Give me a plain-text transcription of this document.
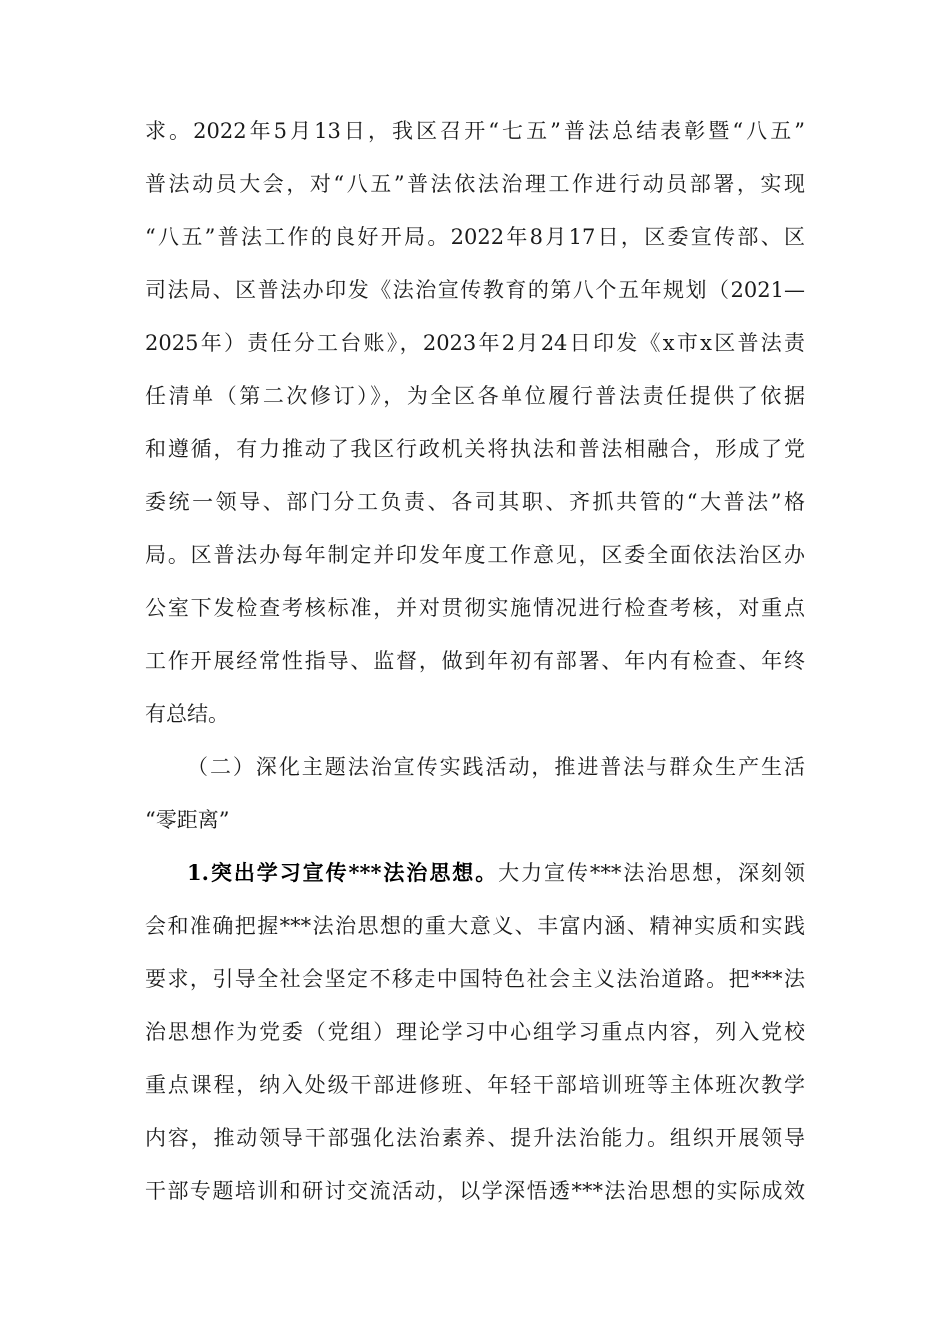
求。2022年5月13日，我区召开“七五”普法总结表彰暨“八五”
普法动员大会，对“八五”普法依法治理工作进行动员部署，实现
“八五”普法工作的良好开局。2022年8月17日，区委宣传部、区
司法局、区普法办印发《法治宣传教育的第八个五年规划（2021—
2025年）责任分工台账》，2023年2月24日印发《x市x区普法责
任清单（第二次修订）》，为全区各单位履行普法责任提供了依据
和遵循，有力推动了我区行政机关将执法和普法相融合，形成了党
委统一领导、部门分工负责、各司其职、齐抓共管的“大普法”格
局。区普法办每年制定并印发年度工作意见，区委全面依法治区办
公室下发检查考核标准，并对贯彻实施情况进行检查考核，对重点
工作开展经常性指导、监督，做到年初有部署、年内有检查、年终
有总结。
（二）深化主题法治宣传实践活动，推进普法与群众生产生活
“零距离”
1.突出学习宣传***法治思想。大力宣传***法治思想，深刻领
会和准确把握***法治思想的重大意义、丰富内涵、精神实质和实践
要求，引导全社会坚定不移走中国特色社会主义法治道路。把***法
治思想作为党委（党组）理论学习中心组学习重点内容，列入党校
重点课程，纳入处级干部进修班、年轻干部培训班等主体班次教学
内容，推动领导干部强化法治素养、提升法治能力。组织开展领导
干部专题培训和研讨交流活动，以学深悟透***法治思想的实际成效
